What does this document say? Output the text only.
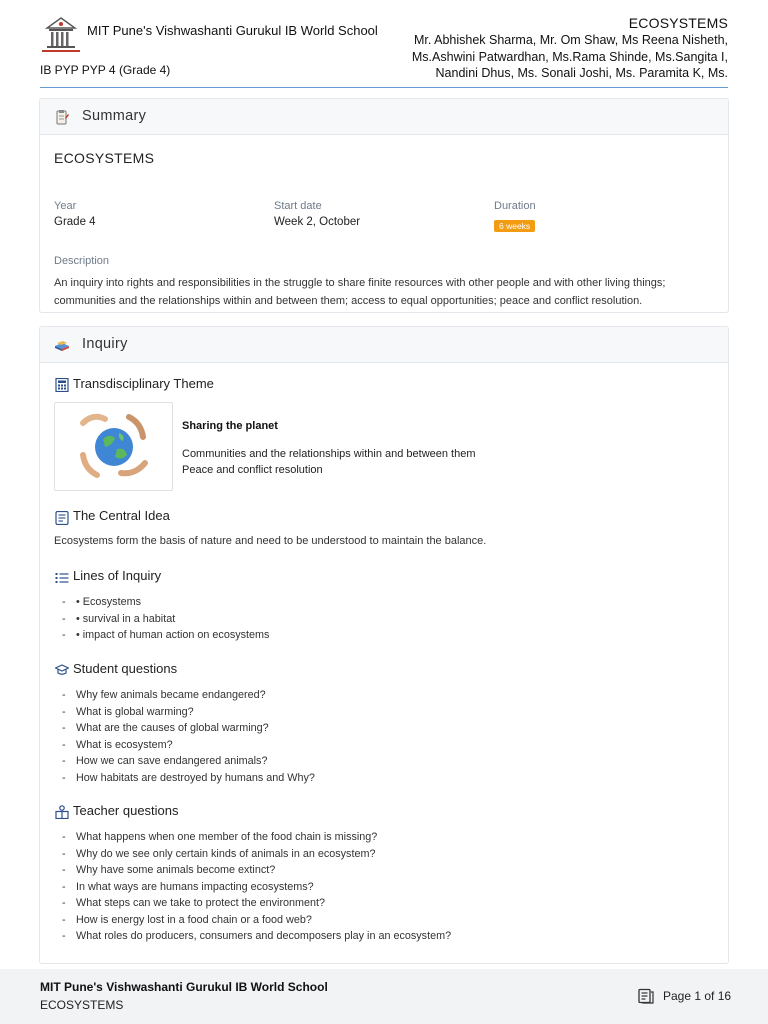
MIT Pune's Vishwashanti Gurukul IB World School
IB PYP PYP 4 (Grade 4)
ECOSYSTEMS
Mr. Abhishek Sharma, Mr. Om Shaw, Ms Reena Nisheth, Ms.Ashwini Patwardhan, Ms.Rama Shinde, Ms.Sangita I, Nandini Dhus, Ms. Sonali Joshi, Ms. Paramita K, Ms.
Summary
ECOSYSTEMS
Year
Grade 4
Start date
Week 2, October
Duration
6 weeks
Description
An inquiry into rights and responsibilities in the struggle to share finite resources with other people and with other living things; communities and the relationships within and between them; access to equal opportunities; peace and conflict resolution.
Inquiry
Transdisciplinary Theme
Sharing the planet
Communities and the relationships within and between them
Peace and conflict resolution
The Central Idea
Ecosystems form the basis of nature and need to be understood to maintain the balance.
Lines of Inquiry
- • Ecosystems
- • survival in a habitat
- • impact of human action on ecosystems
Student questions
- Why few animals became endangered?
- What is global warming?
- What are the causes of global warming?
- What is ecosystem?
- How we can save endangered animals?
- How habitats are destroyed by humans and Why?
Teacher questions
- What happens when one member of the food chain is missing?
- Why do we see only certain kinds of animals in an ecosystem?
- Why have some animals become extinct?
- In what ways are humans impacting ecosystems?
- What steps can we take to protect the environment?
- How is energy lost in a food chain or a food web?
- What roles do producers, consumers and decomposers play in an ecosystem?
MIT Pune's Vishwashanti Gurukul IB World School
ECOSYSTEMS
Page 1 of 16
